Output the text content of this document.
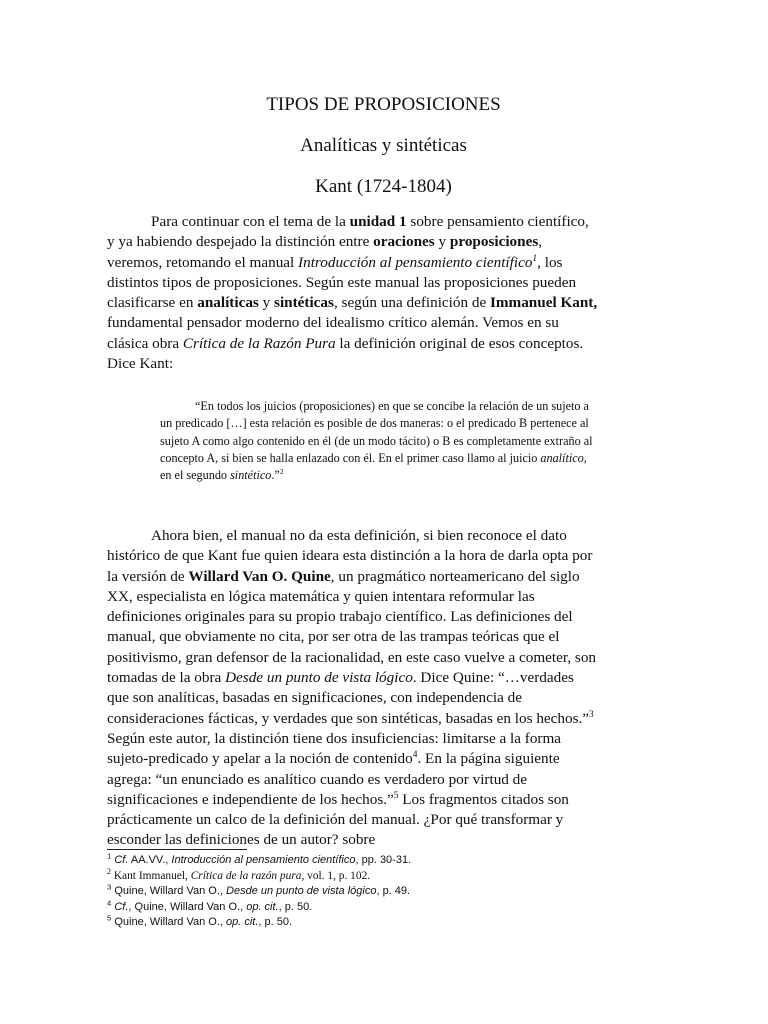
TIPOS DE PROPOSICIONES
Analíticas y sintéticas
Kant (1724-1804)

Para continuar con el tema de la unidad 1 sobre pensamiento científico, y ya habiendo despejado la distinción entre oraciones y proposiciones, veremos, retomando el manual Introducción al pensamiento científico$^1$, los distintos tipos de proposiciones. Según este manual las proposiciones pueden clasificarse en analíticas y sintéticas, según una definición de Immanuel Kant, fundamental pensador moderno del idealismo crítico alemán. Vemos en su clásica obra Crítica de la Razón Pura la definición original de esos conceptos. Dice Kant:

“En todos los juicios (proposiciones) en que se concibe la relación de un sujeto a un predicado […] esta relación es posible de dos maneras: o el predicado B pertenece al sujeto A como algo contenido en él (de un modo tácito) o B es completamente extraño al concepto A, si bien se halla enlazado con él. En el primer caso llamo al juicio analítico, en el segundo sintético.”$^2$

Ahora bien, el manual no da esta definición, si bien reconoce el dato histórico de que Kant fue quien ideara esta distinción a la hora de darla opta por la versión de Willard Van O. Quine, un pragmático norteamericano del siglo XX, especialista en lógica matemática y quien intentara reformular las definiciones originales para su propio trabajo científico. Las definiciones del manual, que obviamente no cita, por ser otra de las trampas teóricas que el positivismo, gran defensor de la racionalidad, en este caso vuelve a cometer, son tomadas de la obra Desde un punto de vista lógico. Dice Quine: “…verdades que son analíticas, basadas en significaciones, con independencia de consideraciones fácticas, y verdades que son sintéticas, basadas en los hechos.”$^3$ Según este autor, la distinción tiene dos insuficiencias: limitarse a la forma sujeto-predicado y apelar a la noción de contenido$^4$. En la página siguiente agrega: “un enunciado es analítico cuando es verdadero por virtud de significaciones e independiente de los hechos.”$^5$ Los fragmentos citados son prácticamente un calco de la definición del manual. ¿Por qué transformar y esconder las definiciones de un autor? sobre

$^1$ Cf. AA.VV., Introducción al pensamiento científico, pp. 30-31.
$^2$ Kant Immanuel, Crítica de la razón pura, vol. 1, p. 102.
$^3$ Quine, Willard Van O., Desde un punto de vista lógico, p. 49.
$^4$ Cf., Quine, Willard Van O., op. cit., p. 50.
$^5$ Quine, Willard Van O., op. cit., p. 50.
